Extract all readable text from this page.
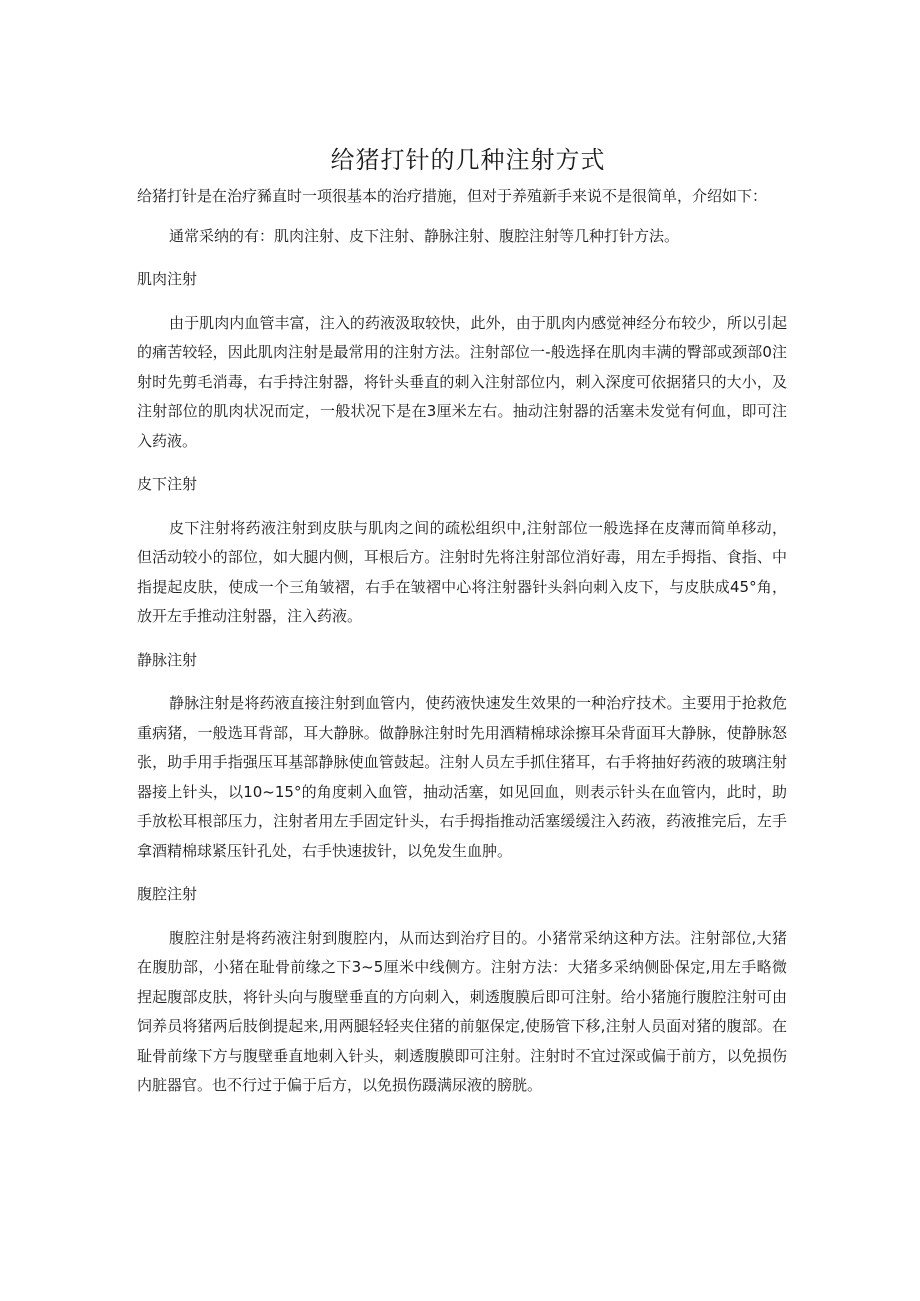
给猪打针的几种注射方式

给猪打针是在治疗豨直时一项很基本的治疗措施，但对于养殖新手来说不是很简单，介绍如下：

通常采纳的有：肌肉注射、皮下注射、静脉注射、腹腔注射等几种打针方法。

肌肉注射

由于肌肉内血管丰富，注入的药液汲取较快，此外，由于肌肉内感觉神经分布较少，所以引起的痛苦较轻，因此肌肉注射是最常用的注射方法。注射部位一-般选择在肌肉丰满的臀部或颈部0注射时先剪毛消毒，右手持注射器，将针头垂直的刺入注射部位内，刺入深度可依据猪只的大小，及注射部位的肌肉状况而定，一般状况下是在3厘米左右。抽动注射器的活塞未发觉有何血，即可注入药液。

皮下注射

皮下注射将药液注射到皮肤与肌肉之间的疏松组织中,注射部位一般选择在皮薄而简单移动，但活动较小的部位，如大腿内侧，耳根后方。注射时先将注射部位消好毒，用左手拇指、食指、中指提起皮肤，使成一个三角皱褶，右手在皱褶中心将注射器针头斜向刺入皮下，与皮肤成45°角，放开左手推动注射器，注入药液。

静脉注射

静脉注射是将药液直接注射到血管内，使药液快速发生效果的一种治疗技术。主要用于抢救危重病猪，一般选耳背部，耳大静脉。做静脉注射时先用酒精棉球涂擦耳朵背面耳大静脉，使静脉怒张，助手用手指强压耳基部静脉使血管鼓起。注射人员左手抓住猪耳，右手将抽好药液的玻璃注射器接上针头，以10~15°的角度刺入血管，抽动活塞，如见回血，则表示针头在血管内，此时，助手放松耳根部压力，注射者用左手固定针头，右手拇指推动活塞缓缓注入药液，药液推完后，左手拿酒精棉球紧压针孔处，右手快速拔针，以免发生血肿。

腹腔注射

腹腔注射是将药液注射到腹腔内，从而达到治疗目的。小猪常采纳这种方法。注射部位,大猪在腹肋部，小猪在耻骨前缘之下3~5厘米中线侧方。注射方法：大猪多采纳侧卧保定,用左手略微捏起腹部皮肤，将针头向与腹壁垂直的方向刺入，刺透腹膜后即可注射。给小猪施行腹腔注射可由饲养员将猪两后肢倒提起来,用两腿轻轻夹住猪的前躯保定,使肠管下移,注射人员面对猪的腹部。在耻骨前缘下方与腹壁垂直地刺入针头，刺透腹膜即可注射。注射时不宜过深或偏于前方，以免损伤内脏器官。也不行过于偏于后方，以免损伤蹑满尿液的膀胱。
